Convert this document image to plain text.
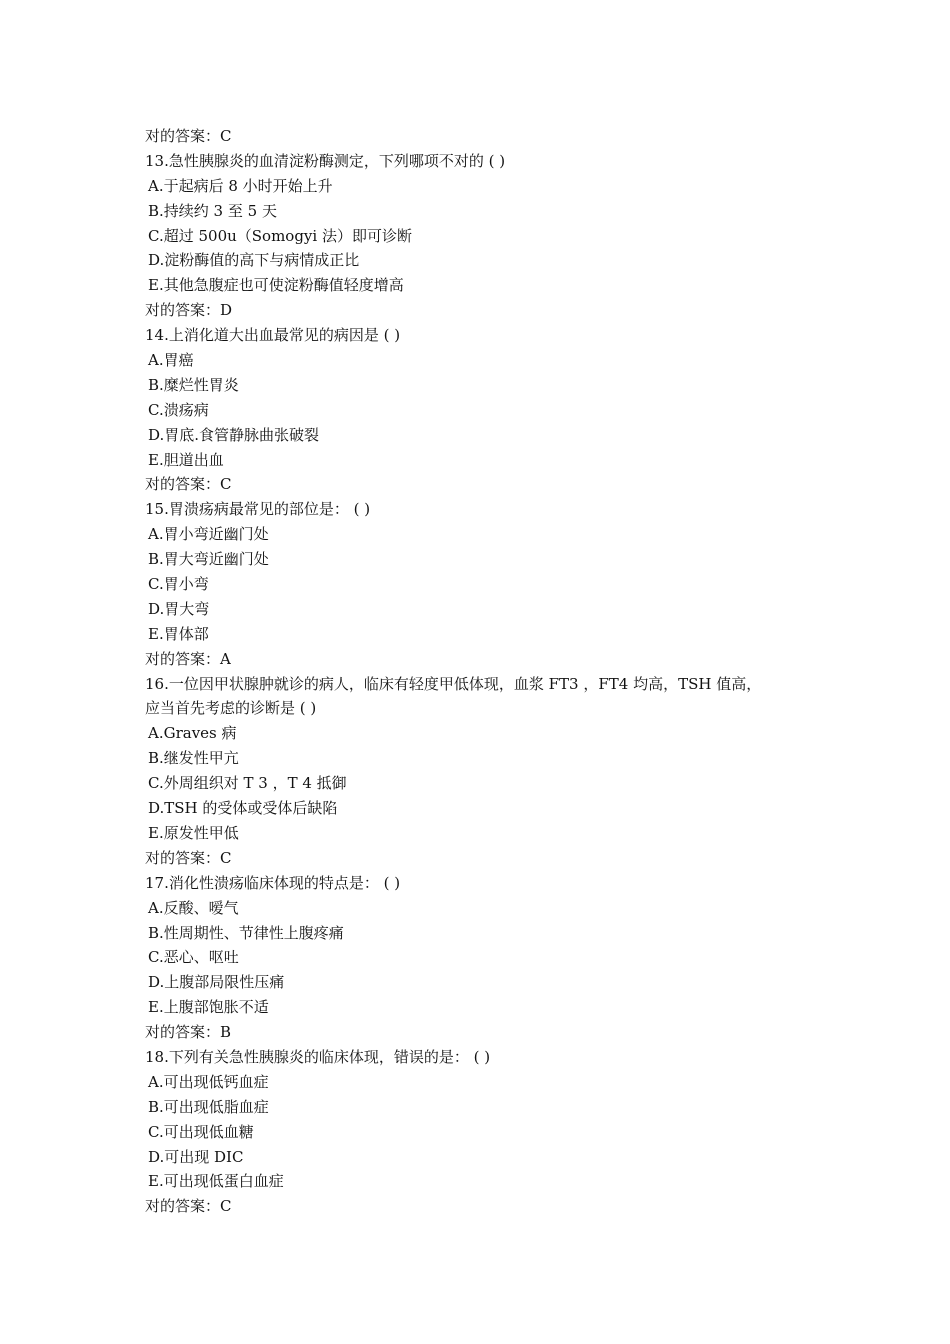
对的答案：C
13.急性胰腺炎的血清淀粉酶测定，下列哪项不对的 ( )
A.于起病后 8 小时开始上升
B.持续约 3 至 5 天
C.超过 500u（Somogyi 法）即可诊断
D.淀粉酶值的高下与病情成正比
E.其他急腹症也可使淀粉酶值轻度增高
对的答案：D
14.上消化道大出血最常见的病因是 ( )
A.胃癌
B.糜烂性胃炎
C.溃疡病
D.胃底.食管静脉曲张破裂
E.胆道出血
对的答案：C
15.胃溃疡病最常见的部位是： ( )
A.胃小弯近幽门处
B.胃大弯近幽门处
C.胃小弯
D.胃大弯
E.胃体部
对的答案：A
16.一位因甲状腺肿就诊的病人，临床有轻度甲低体现，血浆 FT3 ，FT4 均高，TSH 值高，
应当首先考虑的诊断是 ( )
A.Graves 病
B.继发性甲亢
C.外周组织对 T 3 ，T 4 抵御
D.TSH 的受体或受体后缺陷
E.原发性甲低
对的答案：C
17.消化性溃疡临床体现的特点是： ( )
A.反酸、嗳气
B.性周期性、节律性上腹疼痛
C.恶心、呕吐
D.上腹部局限性压痛
E.上腹部饱胀不适
对的答案：B
18.下列有关急性胰腺炎的临床体现，错误的是： ( )
A.可出现低钙血症
B.可出现低脂血症
C.可出现低血糖
D.可出现 DIC
E.可出现低蛋白血症
对的答案：C
